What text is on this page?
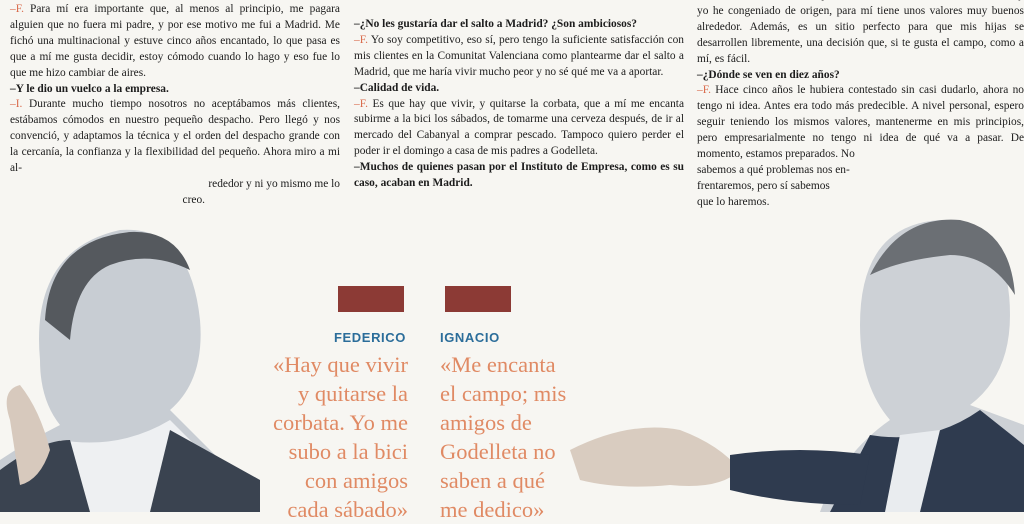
–F. Para mí era importante que, al menos al principio, me pagara alguien que no fuera mi padre, y por ese motivo me fui a Madrid. Me fichó una multinacional y estuve cinco años encantado, lo que pasa es que a mí me gusta decidir, estoy cómodo cuando lo hago y eso fue lo que me hizo cambiar de aires.

–Y le dio un vuelco a la empresa.

–I. Durante mucho tiempo nosotros no aceptábamos más clientes, estábamos cómodos en nuestro pequeño despacho. Pero llegó y nos convenció, y adaptamos la técnica y el orden del despacho grande con la cercanía, la confianza y la flexibilidad del pequeño. Ahora miro a mi al-

rededor y ni yo mismo me lo

creo.

–¿No les gustaría dar el salto a Madrid? ¿Son ambiciosos?

–F. Yo soy competitivo, eso sí, pero tengo la suficiente satisfacción con mis clientes en la Comunitat Valenciana como plantearme dar el salto a Madrid, que me haría vivir mucho peor y no sé qué me va a aportar.

–Calidad de vida.

–F. Es que hay que vivir, y quitarse la corbata, que a mí me encanta subirme a la bici los sábados, de tomarme una cerveza después, de ir al mercado del Cabanyal a comprar pescado. Tampoco quiero perder el poder ir el domingo a casa de mis padres a Godelleta.

–Muchos de quienes pasan por el Instituto de Empresa, como es su caso, acaban en Madrid.

yo he congeniado de origen, para mí tiene unos valores muy buenos alrededor. Además, es un sitio perfecto para que mis hijas se desarrollen libremente, una decisión que, si te gusta el campo, como a mí, es fácil.

–¿Dónde se ven en diez años?

–F. Hace cinco años le hubiera contestado sin casi dudarlo, ahora no tengo ni idea. Antes era todo más predecible. A nivel personal, espero seguir teniendo los mismos valores, mantenerme en mis principios, pero empresarialmente no tengo ni idea de qué va a pasar. De momento, estamos preparados. No

sabemos a qué problemas nos en-

frentaremos, pero sí sabemos

que lo haremos.

FEDERICO	IGNACIO
«Hay que vivir
y quitarse la
corbata. Yo me
subo a la bici
con amigos
cada sábado»
«Me encanta
el campo; mis
amigos de
Godelleta no
saben a qué
me dedico»
